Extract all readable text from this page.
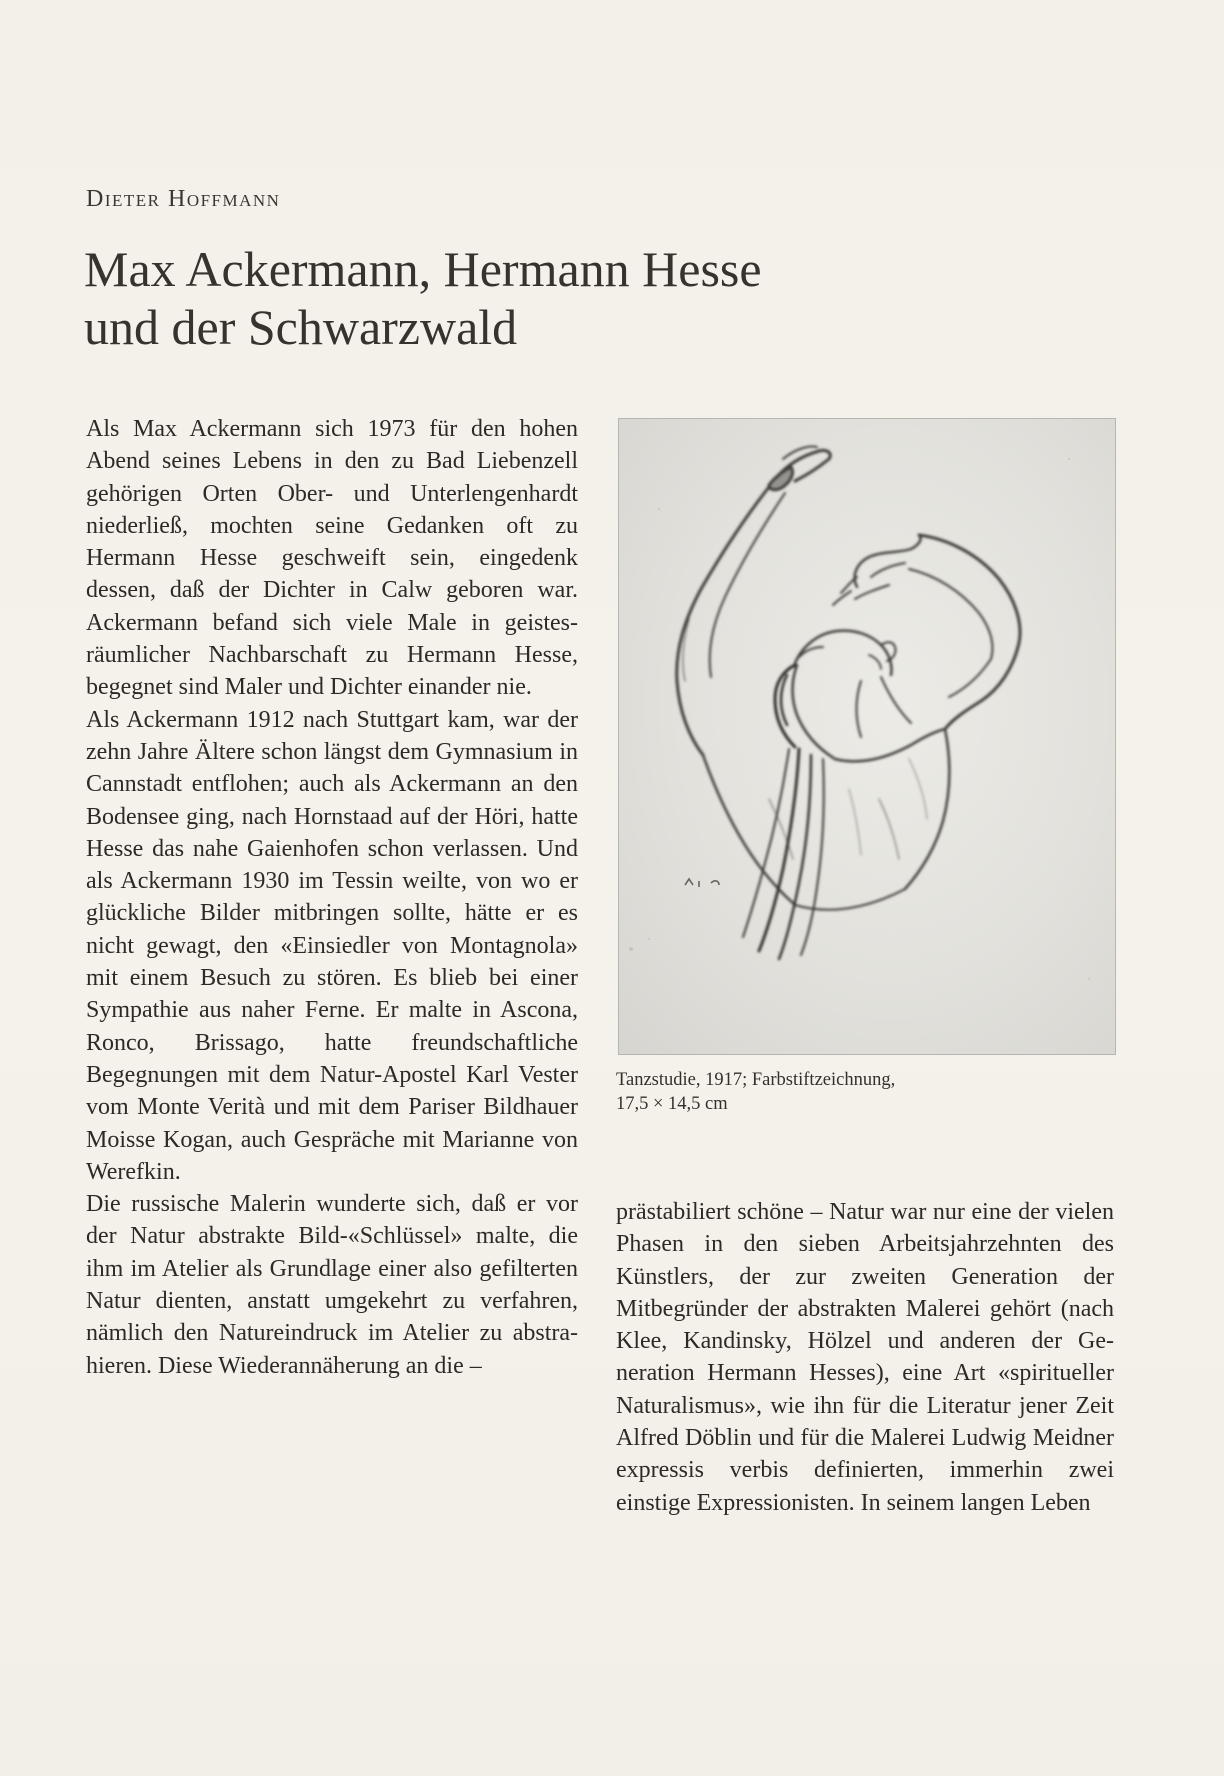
Dieter Hoffmann
Max Ackermann, Hermann Hesse
und der Schwarzwald

Als Max Ackermann sich 1973 für den hohen Abend seines Lebens in den zu Bad Liebenzell gehörigen Orten Ober- und Unterlengenhardt niederließ, mochten seine Gedanken oft zu Hermann Hesse geschweift sein, eingedenk dessen, daß der Dichter in Calw geboren war. Ackermann befand sich viele Male in geistesräumlicher Nachbarschaft zu Hermann Hesse, begegnet sind Maler und Dichter einander nie.

Als Ackermann 1912 nach Stuttgart kam, war der zehn Jahre Ältere schon längst dem Gymnasium in Cannstadt entflohen; auch als Ackermann an den Bodensee ging, nach Hornstaad auf der Höri, hatte Hesse das nahe Gaienhofen schon verlassen. Und als Ackermann 1930 im Tessin weilte, von wo er glückliche Bilder mitbringen sollte, hätte er es nicht gewagt, den «Einsiedler von Montagnola» mit einem Besuch zu stören. Es blieb bei einer Sympathie aus naher Ferne. Er malte in Ascona, Ronco, Brissago, hatte freundschaftliche Begegnungen mit dem Natur-Apostel Karl Vester vom Monte Verità und mit dem Pariser Bildhauer Moisse Kogan, auch Gespräche mit Marianne von Werefkin.

Die russische Malerin wunderte sich, daß er vor der Natur abstrakte Bild-«Schlüssel» malte, die ihm im Atelier als Grundlage einer also gefilterten Natur dienten, anstatt umgekehrt zu verfahren, nämlich den Natureindruck im Atelier zu abstrahieren. Diese Wiederannäherung an die –

Tanzstudie, 1917; Farbstiftzeichnung,
17,5 × 14,5 cm

prästabiliert schöne – Natur war nur eine der vielen Phasen in den sieben Arbeitsjahrzehnten des Künstlers, der zur zweiten Generation der Mitbegründer der abstrakten Malerei gehört (nach Klee, Kandinsky, Hölzel und anderen der Generation Hermann Hesses), eine Art «spiritueller Naturalismus», wie ihn für die Literatur jener Zeit Alfred Döblin und für die Malerei Ludwig Meidner expressis verbis definierten, immerhin zwei einstige Expressionisten. In seinem langen Leben
